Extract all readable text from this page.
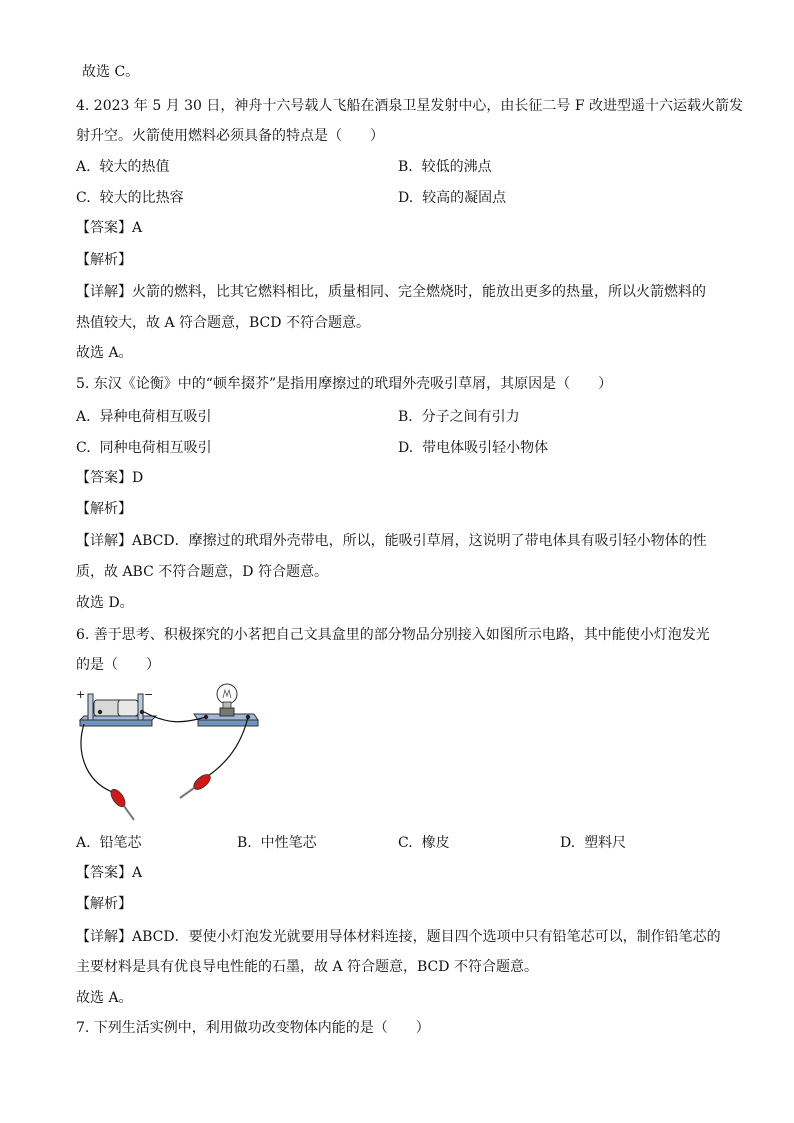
故选 C。
4. 2023 年 5 月 30 日，神舟十六号载人飞船在酒泉卫星发射中心，由长征二号 F 改进型遥十六运载火箭发
射升空。火箭使用燃料必须具备的特点是（　　）
A. 较大的热值	B. 较低的沸点
C. 较大的比热容	D. 较高的凝固点
【答案】A
【解析】
【详解】火箭的燃料，比其它燃料相比，质量相同、完全燃烧时，能放出更多的热量，所以火箭燃料的
热值较大，故 A 符合题意，BCD 不符合题意。
故选 A。
5. 东汉《论衡》中的“顿牟掇芥”是指用摩擦过的玳瑁外壳吸引草屑，其原因是（　　）
A. 异种电荷相互吸引	B. 分子之间有引力
C. 同种电荷相互吸引	D. 带电体吸引轻小物体
【答案】D
【解析】
【详解】ABCD．摩擦过的玳瑁外壳带电，所以，能吸引草屑，这说明了带电体具有吸引轻小物体的性
质，故 ABC 不符合题意，D 符合题意。
故选 D。
6. 善于思考、积极探究的小茗把自己文具盒里的部分物品分别接入如图所示电路，其中能使小灯泡发光
的是（　　）
+	−
A. 铅笔芯	B. 中性笔芯	C. 橡皮	D. 塑料尺
【答案】A
【解析】
【详解】ABCD．要使小灯泡发光就要用导体材料连接，题目四个选项中只有铅笔芯可以，制作铅笔芯的
主要材料是具有优良导电性能的石墨，故 A 符合题意，BCD 不符合题意。
故选 A。
7. 下列生活实例中，利用做功改变物体内能的是（　　）
